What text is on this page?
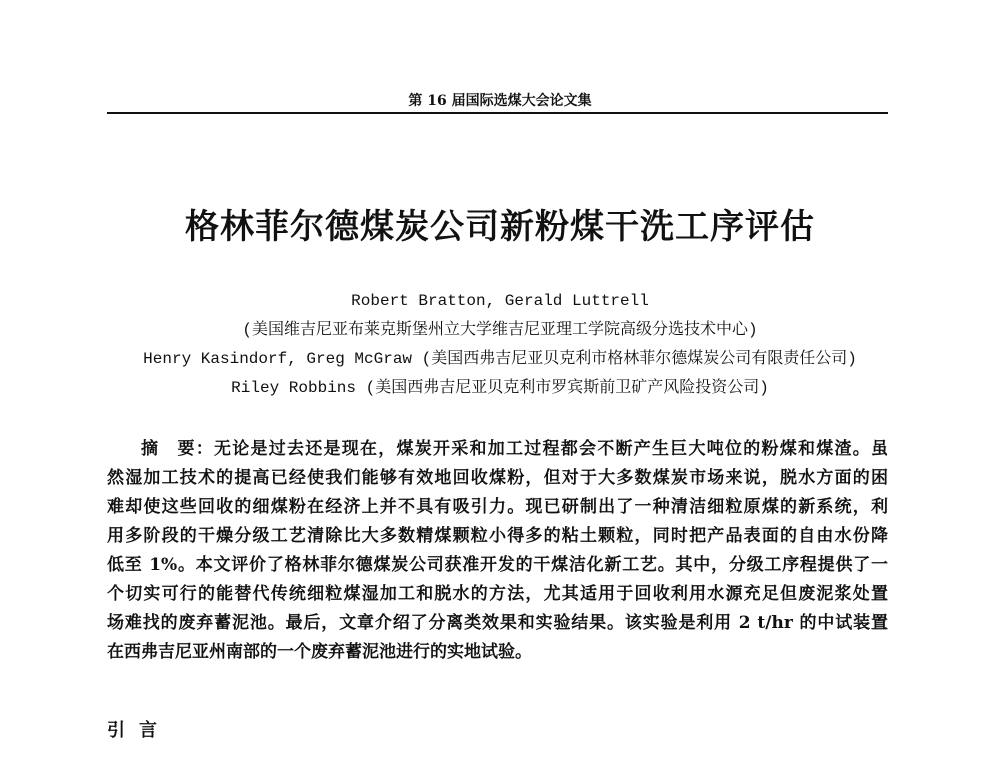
第 16 届国际选煤大会论文集
格林菲尔德煤炭公司新粉煤干洗工序评估
Robert Bratton, Gerald Luttrell
(美国维吉尼亚布莱克斯堡州立大学维吉尼亚理工学院高级分选技术中心)
Henry Kasindorf, Greg McGraw (美国西弗吉尼亚贝克利市格林菲尔德煤炭公司有限责任公司)
Riley Robbins (美国西弗吉尼亚贝克利市罗宾斯前卫矿产风险投资公司)
摘　要：无论是过去还是现在，煤炭开采和加工过程都会不断产生巨大吨位的粉煤和煤渣。虽
然湿加工技术的提高已经使我们能够有效地回收煤粉，但对于大多数煤炭市场来说，脱水方面的困
难却使这些回收的细煤粉在经济上并不具有吸引力。现已研制出了一种清洁细粒原煤的新系统，利
用多阶段的干燥分级工艺清除比大多数精煤颗粒小得多的粘土颗粒，同时把产品表面的自由水份降
低至 1%。本文评价了格林菲尔德煤炭公司获准开发的干煤洁化新工艺。其中，分级工序程提供了一
个切实可行的能替代传统细粒煤湿加工和脱水的方法，尤其适用于回收利用水源充足但废泥浆处置
场难找的废弃蓄泥池。最后，文章介绍了分离类效果和实验结果。该实验是利用 2 t/hr 的中试装置
在西弗吉尼亚州南部的一个废弃蓄泥池进行的实地试验。
引言
